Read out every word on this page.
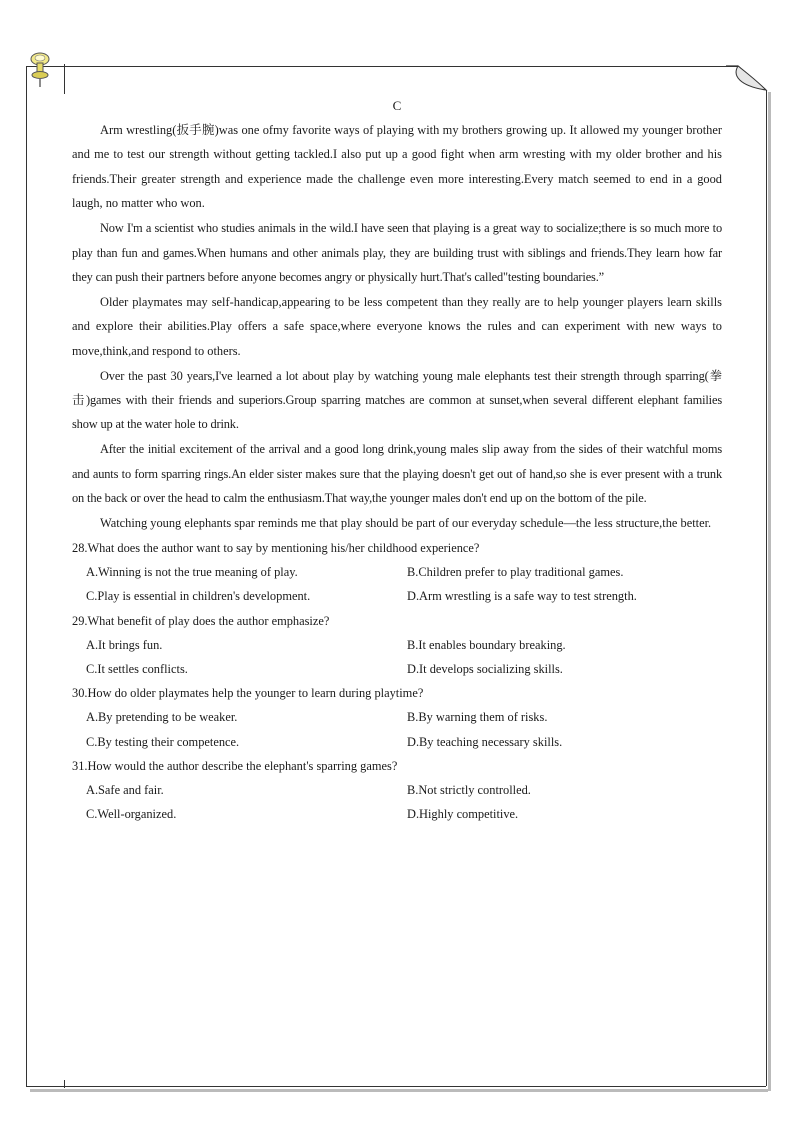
C

Arm wrestling(扳手腕)was one ofmy favorite ways of playing with my brothers growing up. It allowed my younger brother and me to test our strength without getting tackled.I also put up a good fight when arm wresting with my older brother and his friends.Their greater strength and experience made the challenge even more interesting.Every match seemed to end in a good laugh, no matter who won.

Now I'm a scientist who studies animals in the wild.I have seen that playing is a great way to socialize;there is so much more to play than fun and games.When humans and other animals play, they are building trust with siblings and friends.They learn how far they can push their partners before anyone becomes angry or physically hurt.That's called"testing boundaries.”

Older playmates may self-handicap,appearing to be less competent than they really are to help younger players learn skills and explore their abilities.Play offers a safe space,where everyone knows the rules and can experiment with new ways to move,think,and respond to others.

Over the past 30 years,I've learned a lot about play by watching young male elephants test their strength through sparring(拳击)games with their friends and superiors.Group sparring matches are common at sunset,when several different elephant families show up at the water hole to drink.

After the initial excitement of the arrival and a good long drink,young males slip away from the sides of their watchful moms and aunts to form sparring rings.An elder sister makes sure that the playing doesn't get out of hand,so she is ever present with a trunk on the back or over the head to calm the enthusiasm.That way,the younger males don't end up on the bottom of the pile.

Watching young elephants spar reminds me that play should be part of our everyday schedule—the less structure,the better.

28.What does the author want to say by mentioning his/her childhood experience?

A.Winning is not the true meaning of play.	B.Children prefer to play traditional games.
C.Play is essential in children's development.	D.Arm wrestling is a safe way to test strength.

29.What benefit of play does the author emphasize?

A.It brings fun.	B.It enables boundary breaking.
C.It settles conflicts.	D.It develops socializing skills.

30.How do older playmates help the younger to learn during playtime?

A.By pretending to be weaker.	B.By warning them of risks.
C.By testing their competence.	D.By teaching necessary skills.

31.How would the author describe the elephant's sparring games?

A.Safe and fair.	B.Not strictly controlled.
C.Well-organized.	D.Highly competitive.
